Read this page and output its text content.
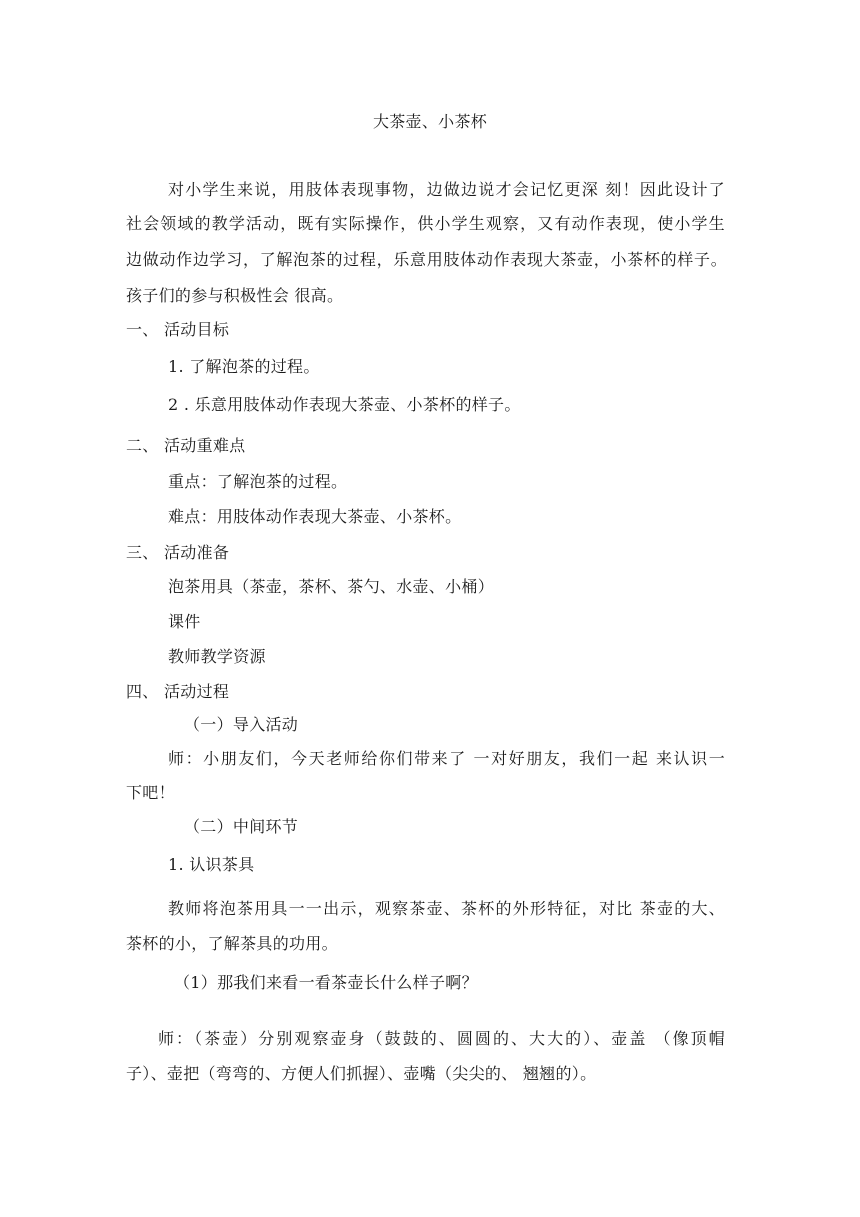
大茶壶、小茶杯
对小学生来说，用肢体表现事物，边做边说才会记忆更深 刻！因此设计了
社会领域的教学活动，既有实际操作，供小学生观察，又有动作表现，使小学生
边做动作边学习，了解泡茶的过程，乐意用肢体动作表现大茶壶，小茶杯的样子。
孩子们的参与积极性会 很高。
一、 活动目标
1. 了解泡茶的过程。
2 . 乐意用肢体动作表现大茶壶、小茶杯的样子。
二、 活动重难点
重点：了解泡茶的过程。
难点：用肢体动作表现大茶壶、小茶杯。
三、 活动准备
泡茶用具（茶壶，茶杯、茶勺、水壶、小桶）
课件
教师教学资源
四、 活动过程
（一）导入活动
师：小朋友们，今天老师给你们带来了 一对好朋友，我们一起 来认识一
下吧！
（二）中间环节
1. 认识茶具
教师将泡茶用具一一出示，观察茶壶、茶杯的外形特征，对比 茶壶的大、
茶杯的小，了解茶具的功用。
（1）那我们来看一看茶壶长什么样子啊？
师：（茶壶）分别观察壶身（鼓鼓的、圆圆的、大大的）、壶盖 （像顶帽
子）、壶把（弯弯的、方便人们抓握）、壶嘴（尖尖的、 翘翘的）。
